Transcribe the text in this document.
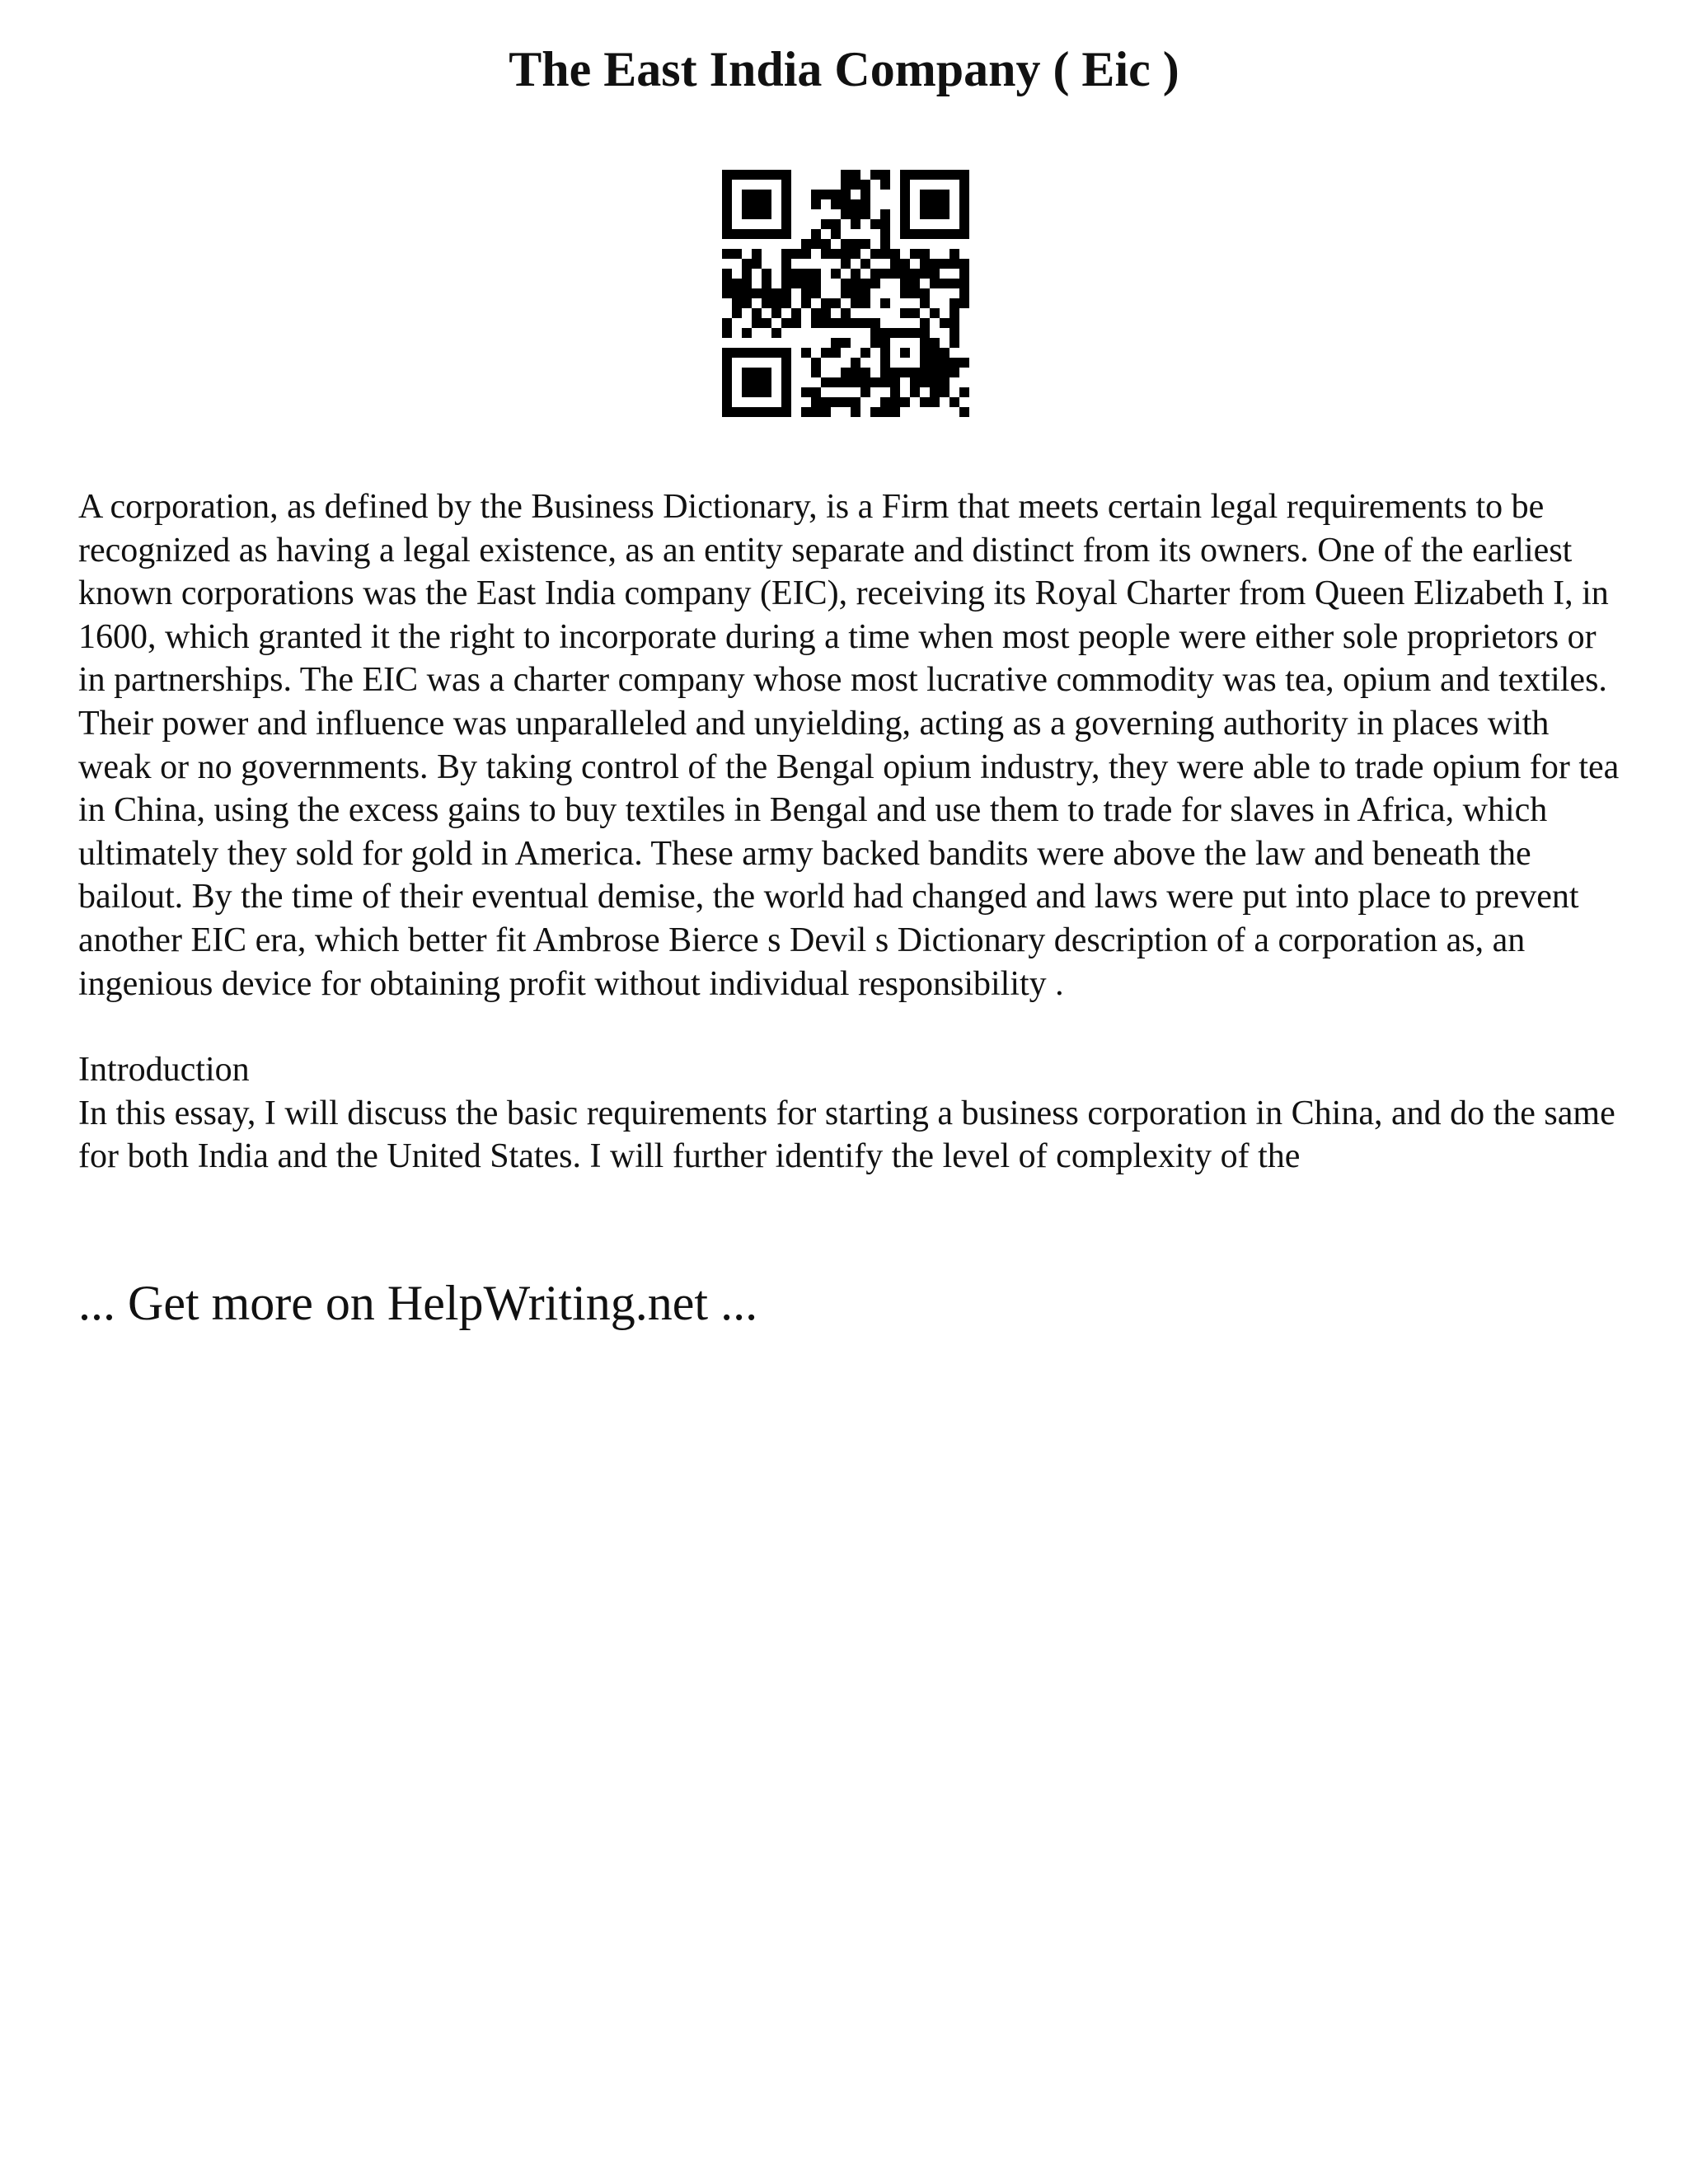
The East India Company ( Eic )

A corporation, as defined by the Business Dictionary, is a Firm that meets certain legal requirements to be recognized as having a legal existence, as an entity separate and distinct from its owners. One of the earliest known corporations was the East India company (EIC), receiving its Royal Charter from Queen Elizabeth I, in 1600, which granted it the right to incorporate during a time when most people were either sole proprietors or in partnerships. The EIC was a charter company whose most lucrative commodity was tea, opium and textiles. Their power and influence was unparalleled and unyielding, acting as a governing authority in places with weak or no governments. By taking control of the Bengal opium industry, they were able to trade opium for tea in China, using the excess gains to buy textiles in Bengal and use them to trade for slaves in Africa, which ultimately they sold for gold in America. These army backed bandits were above the law and beneath the bailout. By the time of their eventual demise, the world had changed and laws were put into place to prevent another EIC era, which better fit Ambrose Bierce s Devil s Dictionary description of a corporation as, an ingenious device for obtaining profit without individual responsibility .

Introduction

In this essay, I will discuss the basic requirements for starting a business corporation in China, and do the same for both India and the United States. I will further identify the level of complexity of the

... Get more on HelpWriting.net ...
